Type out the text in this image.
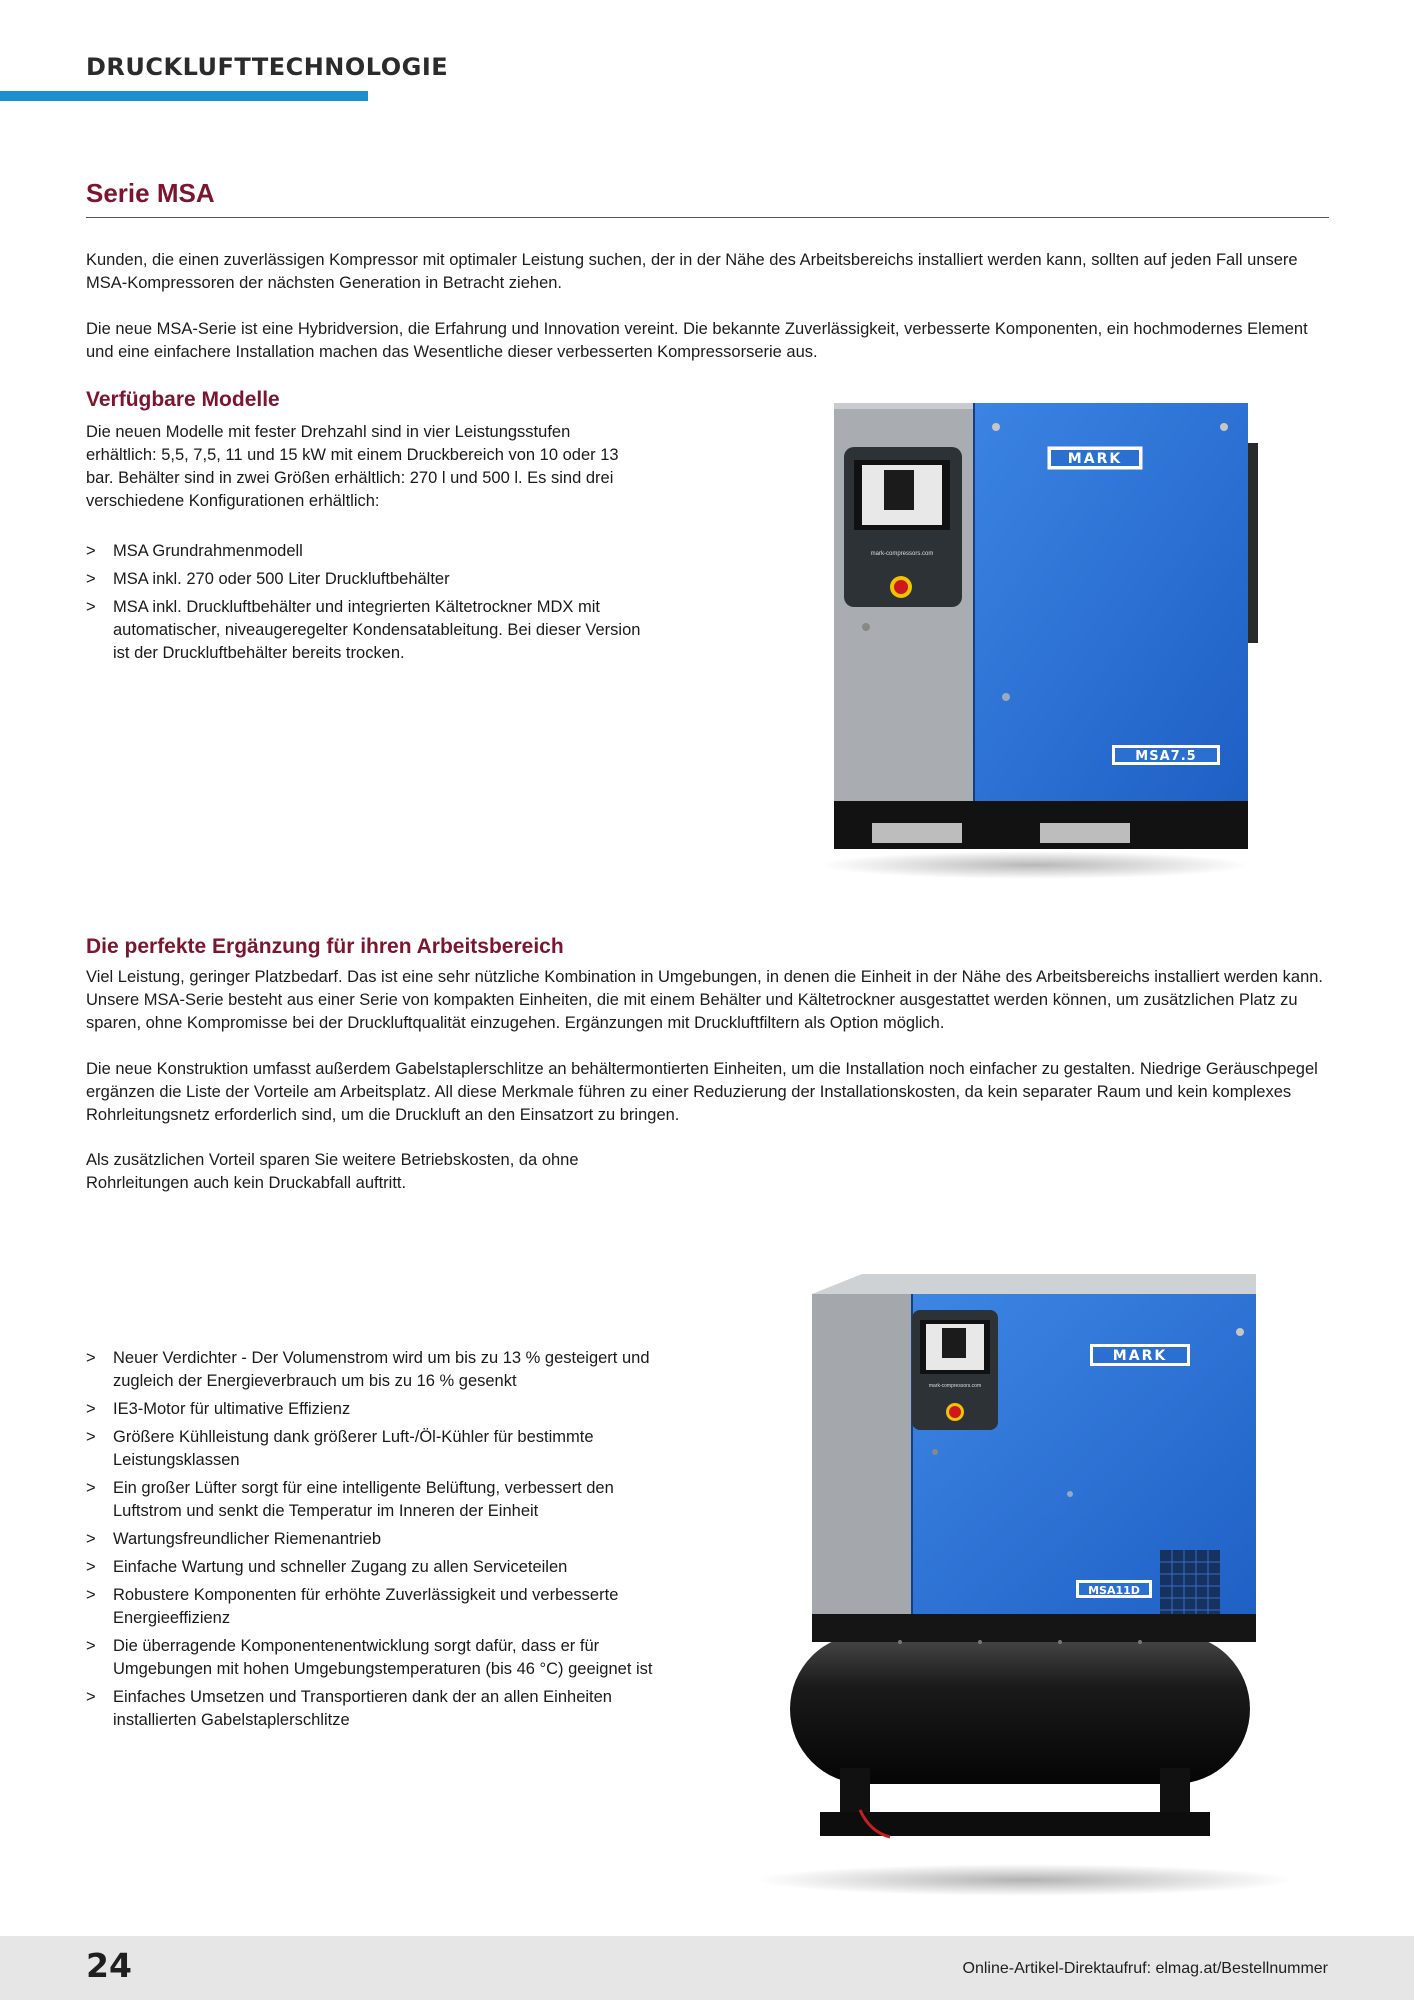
DRUCKLUFTTECHNOLOGIE
Serie MSA

Kunden, die einen zuverlässigen Kompressor mit optimaler Leistung suchen, der in der Nähe des Arbeitsbereichs installiert werden kann, sollten auf jeden Fall unsere MSA-Kompressoren der nächsten Generation in Betracht ziehen.

Die neue MSA-Serie ist eine Hybridversion, die Erfahrung und Innovation vereint. Die bekannte Zuverlässigkeit, verbesserte Komponenten, ein hochmodernes Element und eine einfachere Installation machen das Wesentliche dieser verbesserten Kompressorserie aus.

Verfügbare Modelle

Die neuen Modelle mit fester Drehzahl sind in vier Leistungsstufen erhältlich: 5,5, 7,5, 11 und 15 kW mit einem Druckbereich von 10 oder 13 bar. Behälter sind in zwei Größen erhältlich: 270 l und 500 l. Es sind drei verschiedene Konfigurationen erhältlich:

> MSA Grundrahmenmodell
> MSA inkl. 270 oder 500 Liter Druckluftbehälter
> MSA inkl. Druckluftbehälter und integrierten Kältetrockner MDX mit automatischer, niveaugeregelter Kondensatableitung. Bei dieser Version ist der Druckluftbehälter bereits trocken.
mark-compressors.com
MARK
MSA7.5
Die perfekte Ergänzung für ihren Arbeitsbereich

Viel Leistung, geringer Platzbedarf. Das ist eine sehr nützliche Kombination in Umgebungen, in denen die Einheit in der Nähe des Arbeitsbereichs installiert werden kann. Unsere MSA-Serie besteht aus einer Serie von kompakten Einheiten, die mit einem Behälter und Kältetrockner ausgestattet werden können, um zusätzlichen Platz zu sparen, ohne Kompromisse bei der Druckluftqualität einzugehen. Ergänzungen mit Druckluftfiltern als Option möglich.

Die neue Konstruktion umfasst außerdem Gabelstaplerschlitze an behältermontierten Einheiten, um die Installation noch einfacher zu gestalten. Niedrige Geräuschpegel ergänzen die Liste der Vorteile am Arbeitsplatz. All diese Merkmale führen zu einer Reduzierung der Installationskosten, da kein separater Raum und kein komplexes Rohrleitungsnetz erforderlich sind, um die Druckluft an den Einsatzort zu bringen.

Als zusätzlichen Vorteil sparen Sie weitere Betriebskosten, da ohne Rohrleitungen auch kein Druckabfall auftritt.

> Neuer Verdichter - Der Volumenstrom wird um bis zu 13 % gesteigert und zugleich der Energieverbrauch um bis zu 16 % gesenkt
> IE3-Motor für ultimative Effizienz
> Größere Kühlleistung dank größerer Luft-/Öl-Kühler für bestimmte Leistungsklassen
> Ein großer Lüfter sorgt für eine intelligente Belüftung, verbessert den Luftstrom und senkt die Temperatur im Inneren der Einheit
> Wartungsfreundlicher Riemenantrieb
> Einfache Wartung und schneller Zugang zu allen Serviceteilen
> Robustere Komponenten für erhöhte Zuverlässigkeit und verbesserte Energieeffizienz
> Die überragende Komponentenentwicklung sorgt dafür, dass er für Umgebungen mit hohen Umgebungstemperaturen (bis 46 °C) geeignet ist
> Einfaches Umsetzen und Transportieren dank der an allen Einheiten installierten Gabelstaplerschlitze
mark-compressors.com
MARK
MSA11D
24	Online-Artikel-Direktaufruf: elmag.at/Bestellnummer
